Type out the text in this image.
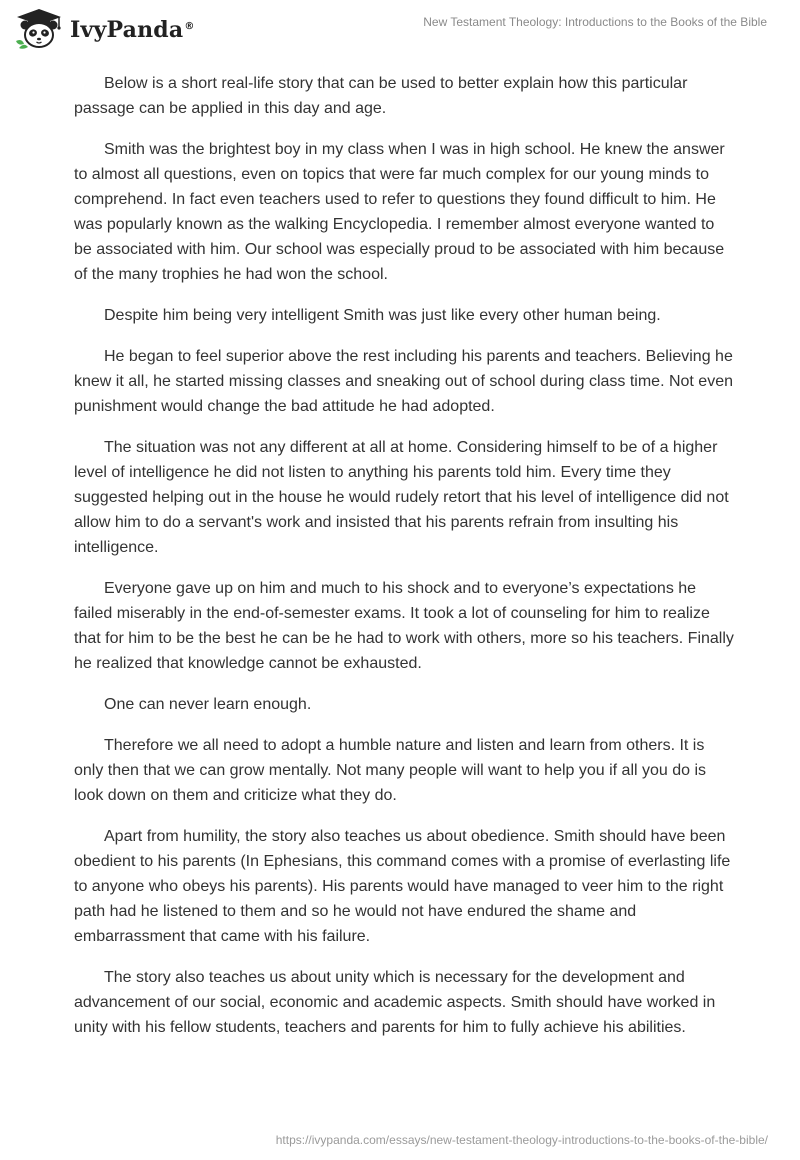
IvyPanda®	New Testament Theology: Introductions to the Books of the Bible

Below is a short real-life story that can be used to better explain how this particular passage can be applied in this day and age.

Smith was the brightest boy in my class when I was in high school. He knew the answer to almost all questions, even on topics that were far much complex for our young minds to comprehend. In fact even teachers used to refer to questions they found difficult to him. He was popularly known as the walking Encyclopedia. I remember almost everyone wanted to be associated with him. Our school was especially proud to be associated with him because of the many trophies he had won the school.

Despite him being very intelligent Smith was just like every other human being.

He began to feel superior above the rest including his parents and teachers. Believing he knew it all, he started missing classes and sneaking out of school during class time. Not even punishment would change the bad attitude he had adopted.

The situation was not any different at all at home. Considering himself to be of a higher level of intelligence he did not listen to anything his parents told him. Every time they suggested helping out in the house he would rudely retort that his level of intelligence did not allow him to do a servant's work and insisted that his parents refrain from insulting his intelligence.

Everyone gave up on him and much to his shock and to everyone’s expectations he failed miserably in the end-of-semester exams. It took a lot of counseling for him to realize that for him to be the best he can be he had to work with others, more so his teachers. Finally he realized that knowledge cannot be exhausted.

One can never learn enough.

Therefore we all need to adopt a humble nature and listen and learn from others. It is only then that we can grow mentally. Not many people will want to help you if all you do is look down on them and criticize what they do.

Apart from humility, the story also teaches us about obedience. Smith should have been obedient to his parents (In Ephesians, this command comes with a promise of everlasting life to anyone who obeys his parents). His parents would have managed to veer him to the right path had he listened to them and so he would not have endured the shame and embarrassment that came with his failure.

The story also teaches us about unity which is necessary for the development and advancement of our social, economic and academic aspects. Smith should have worked in unity with his fellow students, teachers and parents for him to fully achieve his abilities.

https://ivypanda.com/essays/new-testament-theology-introductions-to-the-books-of-the-bible/
